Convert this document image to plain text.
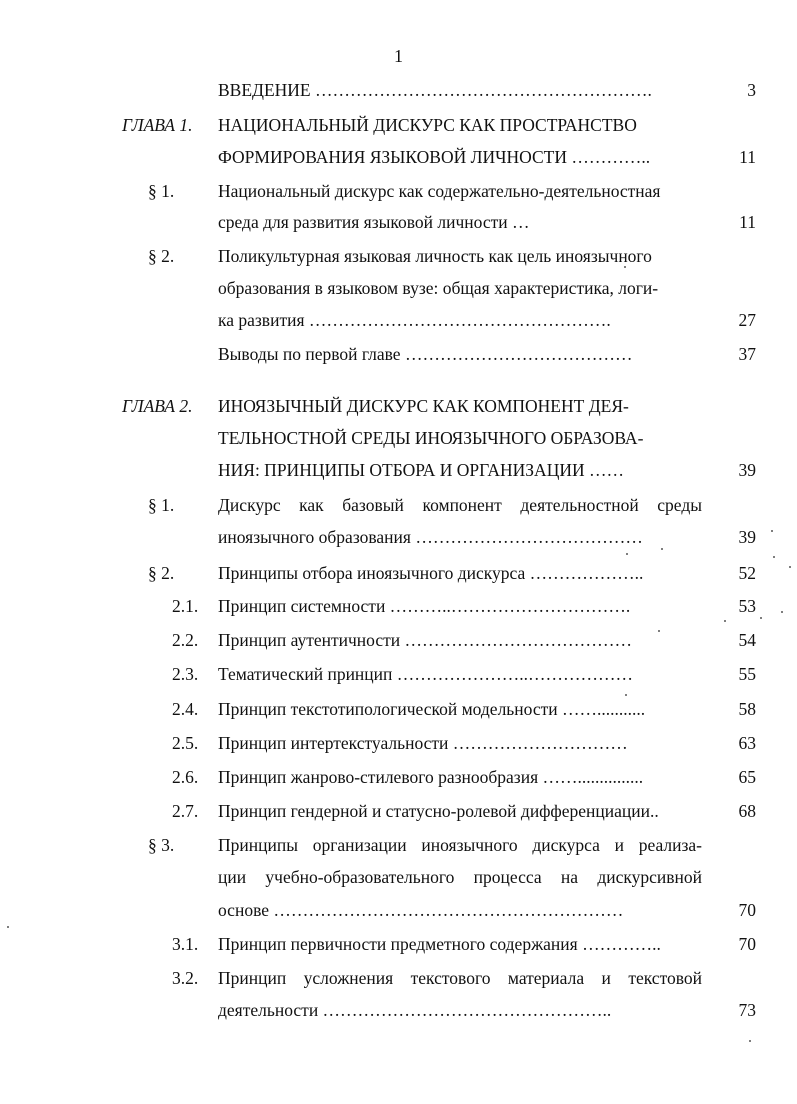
1
ВВЕДЕНИЕ ………………………………………………….	3
ГЛАВА 1. НАЦИОНАЛЬНЫЙ ДИСКУРС КАК ПРОСТРАНСТВО
ФОРМИРОВАНИЯ ЯЗЫКОВОЙ ЛИЧНОСТИ …………..	11
§ 1.	Национальный дискурс как содержательно-деятельностная
среда для развития языковой личности …	11
§ 2.	Поликультурная языковая личность как цель иноязычного
образования в языковом вузе: общая характеристика, логи-
ка развития …………………………………………….	27
Выводы по первой главе …………………………………	37
ГЛАВА 2. ИНОЯЗЫЧНЫЙ ДИСКУРС КАК КОМПОНЕНТ ДЕЯ-
ТЕЛЬНОСТНОЙ СРЕДЫ ИНОЯЗЫЧНОГО ОБРАЗОВА-
НИЯ: ПРИНЦИПЫ ОТБОРА И ОРГАНИЗАЦИИ ……	39
§ 1.	Дискурс как базовый компонент деятельностной среды
иноязычного образования …………………………………	39
§ 2.	Принципы отбора иноязычного дискурса ………………..	52
2.1. Принцип системности ………..………………………….	53
2.2. Принцип аутентичности …………………………………	54
2.3. Тематический принцип …………………..………………	55
2.4. Принцип текстотипологической модельности ……...........	58
2.5. Принцип интертекстуальности …………………………	63
2.6. Принцип жанрово-стилевого разнообразия ……...............	65
2.7. Принцип гендерной и статусно-ролевой дифференциации..	68
§ 3.	Принципы организации иноязычного дискурса и реализа-
ции учебно-образовательного процесса на дискурсивной
основе ……………………………………………………	70
3.1. Принцип первичности предметного содержания …………..	70
3.2. Принцип усложнения текстового материала и текстовой
деятельности …………………………………………..	73
